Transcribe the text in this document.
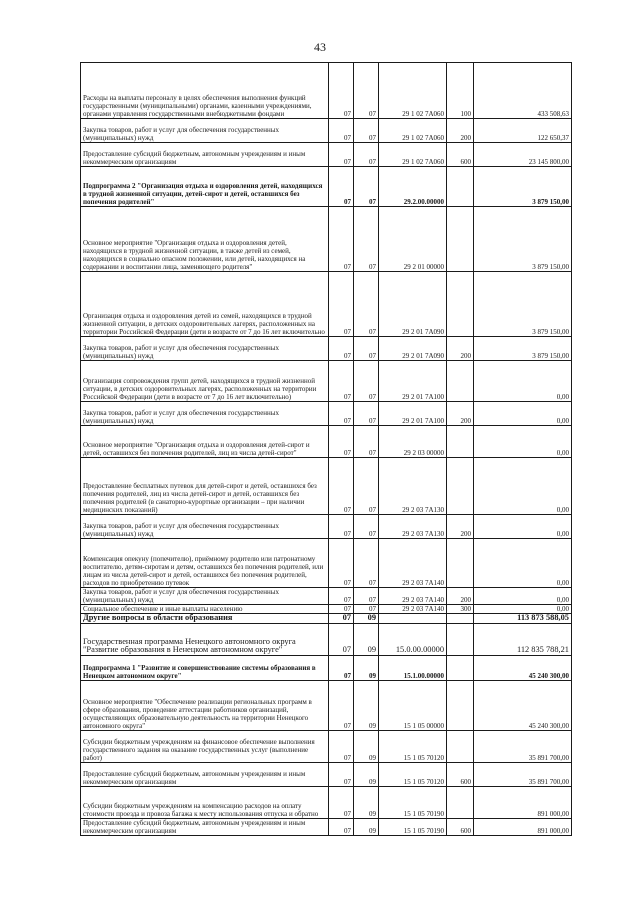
43
Расходы на выплаты персоналу в целях обеспечения выполнения функций государственными (муниципальными) органами, казенными учреждениями, органами управления государственными внебюджетными фондами	07	07	29 1 02 7А060	100	433 508,63
Закупка товаров, работ и услуг для обеспечения государственных (муниципальных) нужд	07	07	29 1 02 7А060	200	122 650,37
Предоставление субсидий бюджетным, автономным учреждениям и иным некоммерческим организациям	07	07	29 1 02 7А060	600	23 145 800,00
Подпрограмма 2 "Организация отдыха и оздоровления детей, находящихся в трудной жизненной ситуации, детей-сирот и детей, оставшихся без попечения родителей"	07	07	29.2.00.00000		3 879 150,00
Основное мероприятие "Организация отдыха и оздоровления детей, находящихся в трудной жизненной ситуации, в также детей из семей, находящихся в социально опасном положении, или детей, находящихся на содержании и воспитании лица, заменяющего родителя"	07	07	29 2 01 00000		3 879 150,00
Организация отдыха и оздоровления детей из семей, находящихся в трудной жизненной ситуации, в детских оздоровительных лагерях, расположенных на территории Российской Федерации (дети в возрасте от 7 до 16 лет включительно	07	07	29 2 01 7А090		3 879 150,00
Закупка товаров, работ и услуг для обеспечения государственных (муниципальных) нужд	07	07	29 2 01 7А090	200	3 879 150,00
Организация сопровождения групп детей, находящихся в трудной жизненной ситуации, в детских оздоровительных лагерях, расположенных на территории Российской Федерации (дети в возрасте от 7 до 16 лет включительно)	07	07	29 2 01 7А100		0,00
Закупка товаров, работ и услуг для обеспечения государственных (муниципальных) нужд	07	07	29 2 01 7А100	200	0,00
Основное мероприятие "Организация отдыха и оздоровления детей-сирот и детей, оставшихся без попечения родителей, лиц из числа детей-сирот"	07	07	29 2 03 00000		0,00
Предоставление бесплатных путевок для детей-сирот и детей, оставшихся без попечения родителей, лиц из числа детей-сирот и детей, оставшихся без попечения родителей (в санаторно-курортные организации – при наличии медицинских показаний)	07	07	29 2 03 7А130		0,00
Закупка товаров, работ и услуг для обеспечения государственных (муниципальных) нужд	07	07	29 2 03 7А130	200	0,00
Компенсация опекуну (попечителю), приёмному родителю или патронатному воспитателю, детям-сиротам и детям, оставшихся без попечения родителей, или лицам из числа детей-сирот и детей, оставшихся без попечения родителей, расходов по приобретению путевок	07	07	29 2 03 7А140		0,00
Закупка товаров, работ и услуг для обеспечения государственных (муниципальных) нужд	07	07	29 2 03 7А140	200	0,00
Социальное обеспечение и иные выплаты населению	07	07	29 2 03 7А140	300	0,00
Другие вопросы в области образования	07	09			113 873 588,05
Государственная программа Ненецкого автономного округа "Развитие образования в Ненецком автономном округе"	07	09	15.0.00.00000		112 835 788,21
Подпрограмма 1 "Развитие и совершенствование системы образования в Ненецком автономном округе"	07	09	15.1.00.00000		45 240 300,00
Основное мероприятие "Обеспечение реализации региональных программ в сфере образования, проведение аттестации работников организаций, осуществляющих образовательную деятельность на территории Ненецкого автономного округа"	07	09	15 1 05 00000		45 240 300,00
Субсидии бюджетным учреждениям на финансовое обеспечение выполнения государственного задания на оказание государственных услуг (выполнение работ)	07	09	15 1 05 70120		35 891 700,00
Предоставление субсидий бюджетным, автономным учреждениям и иным некоммерческим организациям	07	09	15 1 05 70120	600	35 891 700,00
Субсидии бюджетным учреждениям на компенсацию расходов на оплату стоимости проезда и провоза багажа к месту использования отпуска и обратно	07	09	15 1 05 70190		891 000,00
Предоставление субсидий бюджетным, автономным учреждениям и иным некоммерческим организациям	07	09	15 1 05 70190	600	891 000,00
